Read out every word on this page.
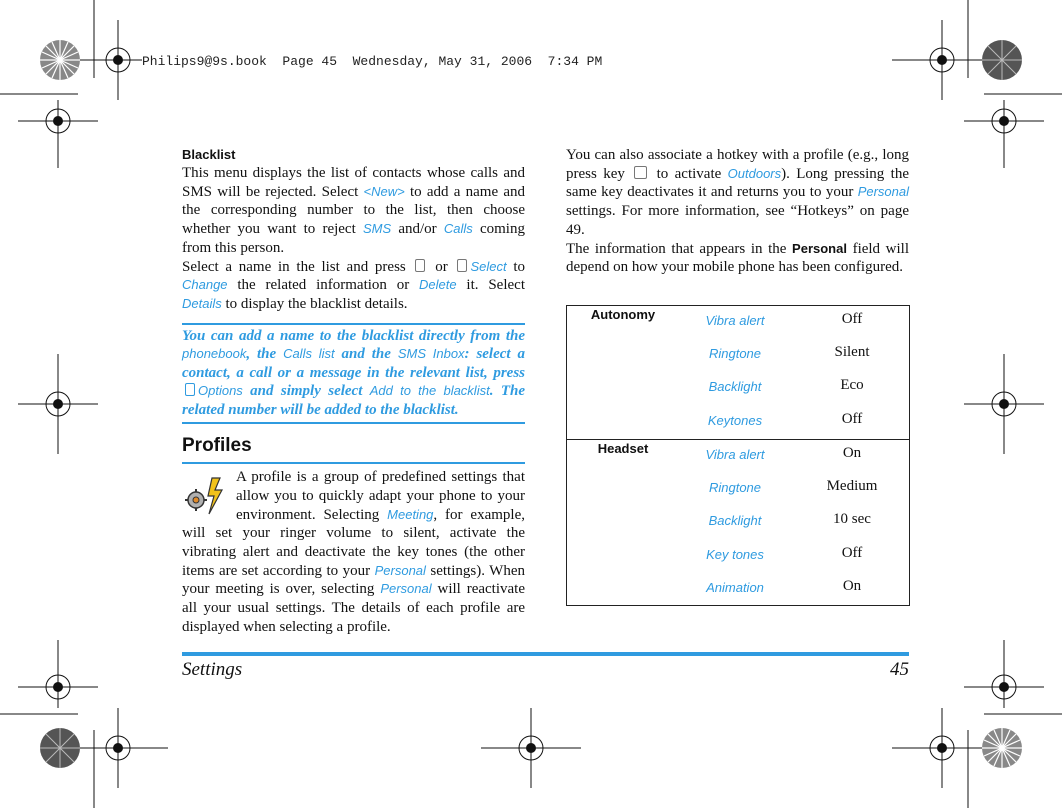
Philips9@9s.book  Page 45  Wednesday, May 31, 2006  7:34 PM

Blacklist

This menu displays the list of contacts whose calls and SMS will be rejected. Select <New> to add a name and the corresponding number to the list, then choose whether you want to reject SMS and/or Calls coming from this person.

Select a name in the list and press  or Select to Change the related information or Delete it. Select Details to display the blacklist details.

You can add a name to the blacklist directly from the phonebook, the Calls list and the SMS Inbox: select a contact, a call or a message in the relevant list, press Options and simply select Add to the blacklist. The related number will be added to the blacklist.
Profiles

A profile is a group of predefined settings that allow you to quickly adapt your phone to your environment. Selecting Meeting, for example, will set your ringer volume to silent, activate the vibrating alert and deactivate the key tones (the other items are set according to your Personal settings). When your meeting is over, selecting Personal will reactivate all your usual settings. The details of each profile are displayed when selecting a profile.

You can also associate a hotkey with a profile (e.g., long press key  to activate Outdoors). Long pressing the same key deactivates it and returns you to your Personal settings. For more information, see “Hotkeys” on page 49.

The information that appears in the Personal field will depend on how your mobile phone has been configured.

Autonomy	Vibra alert	Off
Ringtone	Silent
Backlight	Eco
Keytones	Off
Headset	Vibra alert	On
Ringtone	Medium
Backlight	10 sec
Key tones	Off
Animation	On
Settings	45
